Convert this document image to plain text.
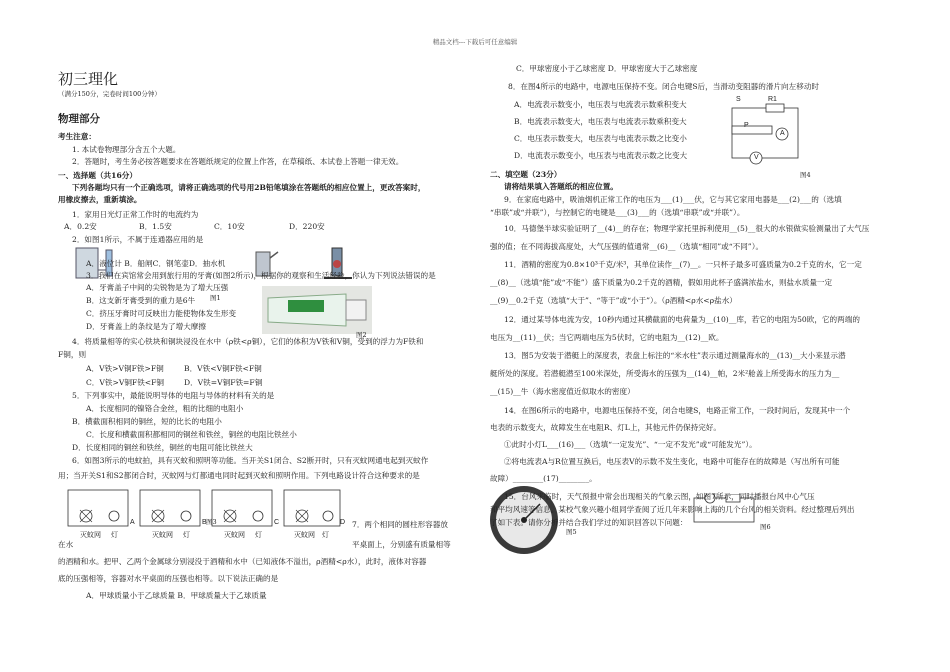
精品文档---下载后可任意编辑
初三理化
（满分150分，完卷时间100分钟）
物理部分
考生注意：
1. 本试卷物理部分含五个大题。
2．答题时，考生务必按答题要求在答题纸规定的位置上作答，在草稿纸、本试卷上答题一律无效。
一、选择题（共16分）
下列各题均只有一个正确选项，请将正确选项的代号用2B铅笔填涂在答题纸的相应位置上，更改答案时，
用橡皮擦去，重新填涂。
1．家用日光灯正常工作时的电流约为
A．0.2安	B．1.5安	C．10安	D．220安
2．如图1所示，不属于连通器应用的是
A．液位计 B．船闸C．钢笔壶D．抽水机
3．我们在宾馆常会用到旅行用的牙膏(如图2所示)，根据你的观察和生活经验，你认为下列说法错误的是
图1
A．牙膏盖子中间的尖锐物是为了增大压强
B．这支新牙膏受到的重力是6牛
C．挤压牙膏时可反映出力能使物体发生形变
D．牙膏盖上的条纹是为了增大摩擦
图2
4．将质量相等的实心铁块和铜块浸没在水中（ρ铁<ρ铜），它们的体积为V铁和V铜，受到的浮力为F铁和
F铜，则
A．V铁>V铜F铁>F铜	B．V铁<V铜F铁<F铜
C．V铁>V铜F铁<F铜	D．V铁=V铜F铁=F铜
5．下列事实中，最能说明导体的电阻与导体的材料有关的是
A．长度相同的镍铬合金丝，粗的比细的电阻小
B．横截面积相同的铜丝，短的比长的电阻小
C．长度和横截面积都相同的铜丝和铁丝，铜丝的电阻比铁丝小
D．长度相同的铜丝和铁丝，铜丝的电阻可能比铁丝大
6．如图3所示的电蚊拍，具有灭蚊和照明等功能。当开关S1闭合、S2断开时，只有灭蚊网通电起到灭蚊作
用；当开关S1和S2都闭合时，灭蚊网与灯都通电同时起到灭蚊和照明作用。下列电路设计符合这种要求的是
灭蚊网 灯	灭蚊网 灯	灭蚊网 灯	灭蚊网 灯
A	B	C	D
图3	7．两个相同的圆柱形容器放
在水	平桌面上，分别盛有质量相等
的酒精和水。把甲、乙两个金属球分别浸没于酒精和水中（已知液体不溢出，ρ酒精<ρ水），此时，液体对容器
底的压强相等，容器对水平桌面的压强也相等。以下说法正确的是
A．甲球质量小于乙球质量 B．甲球质量大于乙球质量
C．甲球密度小于乙球密度 D．甲球密度大于乙球密度
8．在图4所示的电路中，电源电压保持不变。闭合电键S后，当滑动变阻器的滑片向左移动时
A．电流表示数变小，电压表与电流表示数乘积变大
B．电流表示数变大，电压表与电流表示数乘积变大
C．电压表示数变大，电压表与电流表示数之比变小
D．电流表示数变小，电压表与电流表示数之比变大
S	R1
P
A
V
图4
二、填空题（23分）
请将结果填入答题纸的相应位置。
9．在家庭电路中，吸油烟机正常工作的电压为___(1)___伏，它与其它家用电器是___(2)___的（选填
“串联”或“并联”），与控制它的电键是___(3)___的（选填“串联”或“并联”）。
10．马德堡半球实验证明了__(4)__的存在；物理学家托里拆利使用__(5)__很大的水银做实验测量出了大气压
强的值；在不同海拔高度处，大气压强的值通常__(6)__（选填“相同”或“不同”）。
11．酒精的密度为0.8×10³千克/米³，其单位读作__(7)__。一只杯子最多可盛质量为0.2千克的水，它一定
__(8)__（选填“能”或“不能”）盛下质量为0.2千克的酒精，假如用此杯子盛满浓盐水，则盐水质量一定
__(9)__0.2千克（选填“大于”、“等于”或“小于”）。（ρ酒精<ρ水<ρ盐水）
12．通过某导体电流为安，10秒内通过其横截面的电荷量为__(10)__库，若它的电阻为50欧，它的两端的
电压为__(11)__伏；当它两端电压为5伏时，它的电阻为__(12)__欧。
13．图5为安装于潜艇上的深度表，表盘上标注的“米水柱”表示通过测量海水的__(13)__大小来显示潜
艇所处的深度。若潜艇潜至100米深处，所受海水的压强为__(14)__帕，2米²舱盖上所受海水的压力为__
__(15)__牛（海水密度值近似取水的密度）
14．在图6所示的电路中，电源电压保持不变，闭合电键S，电路正常工作，一段时间后，发现其中一个
电表的示数变大，故障发生在电阻R、灯L上，其他元件仍保持完好。
①此时小灯L___(16)___（选填“一定发光”、“一定不发光”或“可能发光”）。
②将电流表A与R位置互换后，电压表V的示数不发生变化，电路中可能存在的故障是（写出所有可能
故障）________(17)________。
15．台风来临时，天气预报中常会出现相关的气象云图，如图7所示，同时播报台风中心气压
和平均风速等信息。某校气象兴趣小组同学查阅了近几年来影响上海的几个台风的相关资料。经过整理后列出
了如下表。请你分析并结合我们学过的知识回答以下问题：
图5
图6
